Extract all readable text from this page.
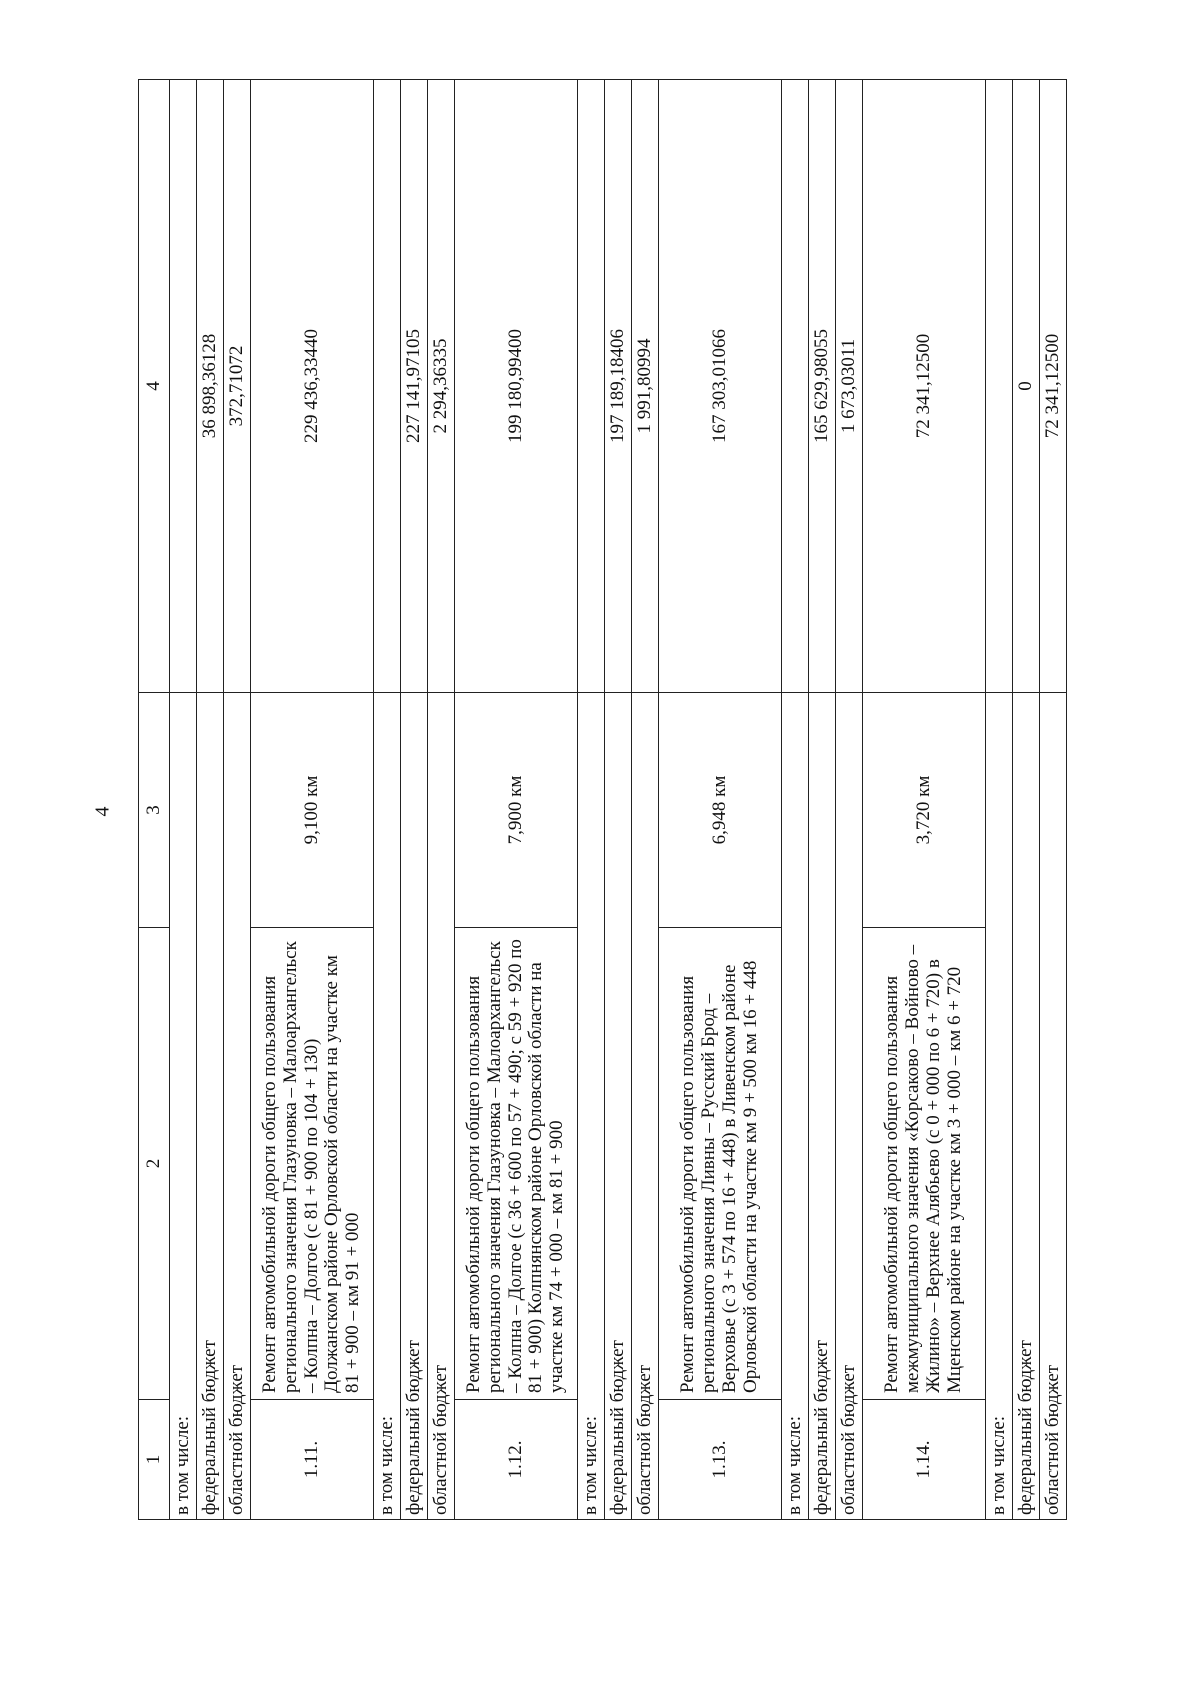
4
1	2	3	4
в том числе:			
федеральный бюджет			36 898,36128
областной бюджет			372,71072
1.11.	Ремонт автомобильной дороги общего пользования регионального значения Глазуновка – Малоархангельск – Колпна – Долгое (с 81 + 900 по 104 + 130) Должанском районе Орловской области на участке км 81 + 900 – км 91 + 000	9,100 км	229 436,33440
в том числе:			
федеральный бюджет			227 141,97105
областной бюджет			2 294,36335
1.12.	Ремонт автомобильной дороги общего пользования регионального значения Глазуновка – Малоархангельск – Колпна – Долгое (с 36 + 600 по 57 + 490; с 59 + 920 по 81 + 900) Колпнянском районе Орловской области на участке км 74 + 000 – км 81 + 900	7,900 км	199 180,99400
в том числе:			
федеральный бюджет			197 189,18406
областной бюджет			1 991,80994
1.13.	Ремонт автомобильной дороги общего пользования регионального значения Ливны – Русский Брод – Верховье (с 3 + 574 по 16 + 448) в Ливенском районе Орловской области на участке км 9 + 500 км 16 + 448	6,948 км	167 303,01066
в том числе:			
федеральный бюджет			165 629,98055
областной бюджет			1 673,03011
1.14.	Ремонт автомобильной дороги общего пользования межмуниципального значения «Корсаково – Войново – Жилино» – Верхнее Алябьево (с 0 + 000 по 6 + 720) в Мценском районе на участке км 3 + 000 – км 6 + 720	3,720 км	72 341,12500
в том числе:			
федеральный бюджет			0
областной бюджет			72 341,12500
